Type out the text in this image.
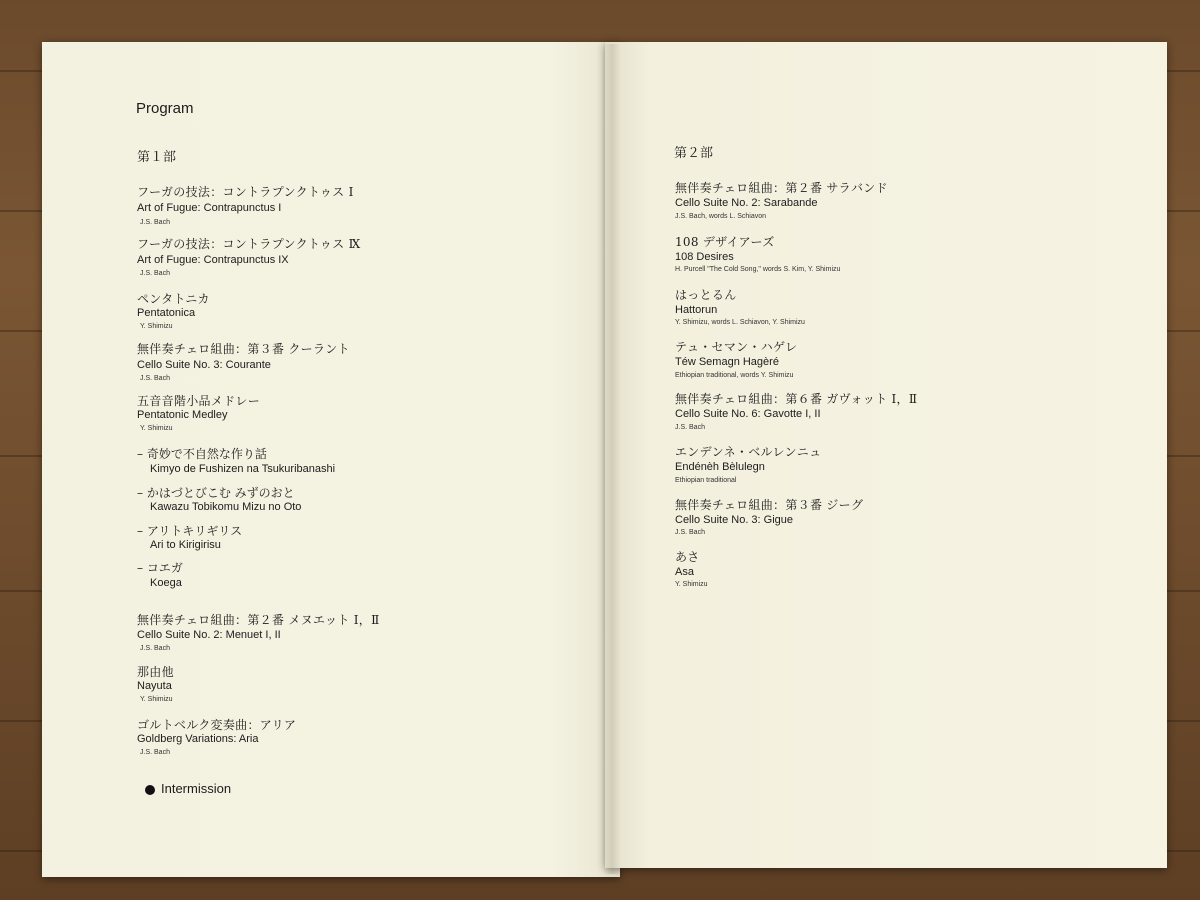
Program
第１部
フーガの技法：コントラプンクトゥス Ⅰ
Art of Fugue: Contrapunctus I
J.S. Bach
フーガの技法：コントラプンクトゥス Ⅸ
Art of Fugue: Contrapunctus IX
J.S. Bach
ペンタトニカ
Pentatonica
Y. Shimizu
無伴奏チェロ組曲：第３番 クーラント
Cello Suite No. 3: Courante
J.S. Bach
五音音階小品メドレー
Pentatonic Medley
Y. Shimizu
– 奇妙で不自然な作り話
Kimyo de Fushizen na Tsukuribanashi
– かはづとびこむ みずのおと
Kawazu Tobikomu Mizu no Oto
– アリトキリギリス
Ari to Kirigirisu
– コエガ
Koega
無伴奏チェロ組曲：第２番 メヌエット Ⅰ，Ⅱ
Cello Suite No. 2: Menuet I, II
J.S. Bach
那由他
Nayuta
Y. Shimizu
ゴルトベルク変奏曲：アリア
Goldberg Variations: Aria
J.S. Bach
Intermission
第２部
無伴奏チェロ組曲：第２番 サラバンド
Cello Suite No. 2: Sarabande
J.S. Bach, words L. Schiavon
108 デザイアーズ
108 Desires
H. Purcell "The Cold Song," words S. Kim, Y. Shimizu
はっとるん
Hattorun
Y. Shimizu, words L. Schiavon, Y. Shimizu
テュ・セマン・ハゲレ
Téw Semagn Hagèré
Ethiopian traditional, words Y. Shimizu
無伴奏チェロ組曲：第６番 ガヴォット Ⅰ，Ⅱ
Cello Suite No. 6: Gavotte I, II
J.S. Bach
エンデンネ・ベルレンニュ
Endénèh Bèlulegn
Ethiopian traditional
無伴奏チェロ組曲：第３番 ジーグ
Cello Suite No. 3: Gigue
J.S. Bach
あさ
Asa
Y. Shimizu
